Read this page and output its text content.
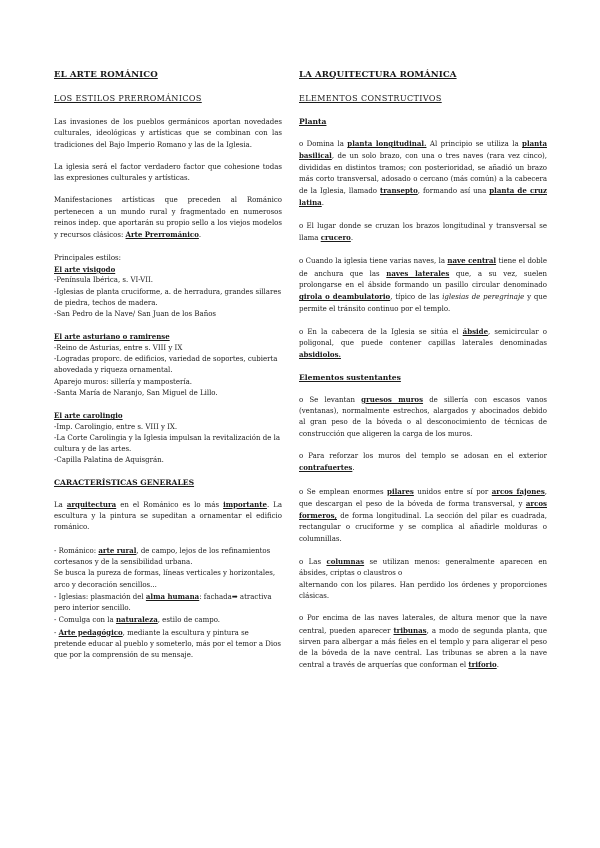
EL ARTE ROMÁNICO
LOS ESTILOS PRERROMÁNICOS

Las invasiones de los pueblos germánicos aportan novedades culturales, ideológicas y artísticas que se combinan con las tradiciones del Bajo Imperio Romano y las de la Iglesia.

La iglesia será el factor verdadero factor que cohesione todas las expresiones culturales y artísticas.

Manifestaciones artísticas que preceden al Románico pertenecen a un mundo rural y fragmentado en numerosos reinos indep. que aportarán su propio sello a los viejos modelos y recursos clásicos: Arte Prerrománico.

Principales estilos:
El arte visigodo
-Península Ibérica, s. VI-VII.
-Iglesias de planta cruciforme, a. de herradura, grandes sillares de piedra, techos de madera.
-San Pedro de la Nave/ San Juan de los Baños
El arte asturiano o ramirense
-Reino de Asturias, entre s. VIII y IX
-Logradas proporc. de edificios, variedad de soportes, cubierta abovedada y riqueza ornamental.
Aparejo muros: sillería y mampostería.
-Santa María de Naranjo, San Miguel de Lillo.
El arte carolingio
-Imp. Carolingio, entre s. VIII y IX.
-La Corte Carolingia y la Iglesia impulsan la revitalización de la cultura y de las artes.
-Capilla Palatina de Aquisgrán.
CARACTERÍSTICAS GENERALES

La arquitectura en el Románico es lo más importante. La escultura y la pintura se supeditan a ornamentar el edificio románico.

- Románico: arte rural, de campo, lejos de los refinamientos cortesanos y de la sensibilidad urbana.
Se busca la pureza de formas, líneas verticales y horizontales, arco y decoración sencillos...
- Iglesias: plasmación del alma humana: fachada➡ atractiva pero interior sencillo.
- Comulga con la naturaleza, estilo de campo.
- Arte pedagógico, mediante la escultura y pintura se pretende educar al pueblo y someterlo, más por el temor a Dios que por la comprensión de su mensaje.
LA ARQUITECTURA ROMÁNICA
ELEMENTOS CONSTRUCTIVOS
Planta

o Domina la planta longitudinal. Al principio se utiliza la planta basilical, de un solo brazo, con una o tres naves (rara vez cinco), divididas en distintos tramos; con posterioridad, se añadió un brazo más corto transversal, adosado o cercano (más común) a la cabecera de la Iglesia, llamado transepto, formando así una planta de cruz latina.

o El lugar donde se cruzan los brazos longitudinal y transversal se llama crucero.

o Cuando la iglesia tiene varias naves, la nave central tiene el doble de anchura que las naves laterales que, a su vez, suelen prolongarse en el ábside formando un pasillo circular denominado girola o deambulatorio, típico de las iglesias de peregrinaje y que permite el tránsito continuo por el templo.

o En la cabecera de la Iglesia se sitúa el ábside, semicircular o poligonal, que puede contener capillas laterales denominadas absidiolos.

Elementos sustentantes

o Se levantan gruesos muros de sillería con escasos vanos (ventanas), normalmente estrechos, alargados y abocinados debido al gran peso de la bóveda o al desconocimiento de técnicas de construcción que aligeren la carga de los muros.

o Para reforzar los muros del templo se adosan en el exterior contrafuertes.

o Se emplean enormes pilares unidos entre sí por arcos fajones, que descargan el peso de la bóveda de forma transversal, y arcos formeros, de forma longitudinal. La sección del pilar es cuadrada, rectangular o cruciforme y se complica al añadirle molduras o columnillas.

o Las columnas se utilizan menos: generalmente aparecen en ábsides, criptas o claustros o

alternando con los pilares. Han perdido los órdenes y proporciones clásicas.

o Por encima de las naves laterales, de altura menor que la nave central, pueden aparecer tribunas, a modo de segunda planta, que sirven para albergar a más fieles en el templo y para aligerar el peso de la bóveda de la nave central. Las tribunas se abren a la nave central a través de arquerías que conforman el triforio.
